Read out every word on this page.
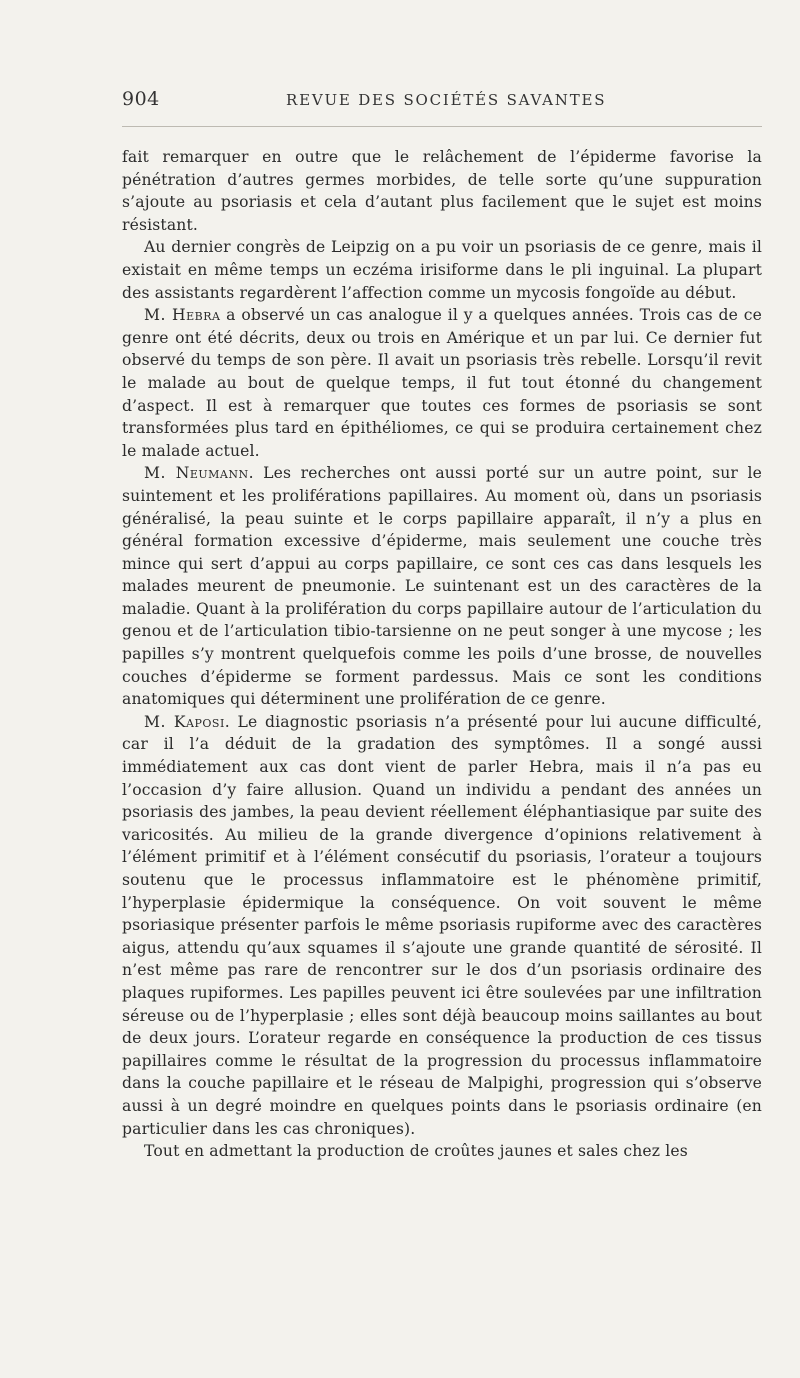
904	REVUE DES SOCIÉTÉS SAVANTES

fait remarquer en outre que le relâchement de l’épiderme favorise la pénétration d’autres germes morbides, de telle sorte qu’une suppuration s’ajoute au psoriasis et cela d’autant plus facilement que le sujet est moins résistant.

Au dernier congrès de Leipzig on a pu voir un psoriasis de ce genre, mais il existait en même temps un eczéma irisiforme dans le pli inguinal. La plupart des assistants regardèrent l’affection comme un mycosis fongoïde au début.

M. Hebra a observé un cas analogue il y a quelques années. Trois cas de ce genre ont été décrits, deux ou trois en Amérique et un par lui. Ce dernier fut observé du temps de son père. Il avait un psoriasis très rebelle. Lorsqu’il revit le malade au bout de quelque temps, il fut tout étonné du changement d’aspect. Il est à remarquer que toutes ces formes de psoriasis se sont transformées plus tard en épithéliomes, ce qui se produira certainement chez le malade actuel.

M. Neumann. Les recherches ont aussi porté sur un autre point, sur le suintement et les proliférations papillaires. Au moment où, dans un psoriasis généralisé, la peau suinte et le corps papillaire apparaît, il n’y a plus en général formation excessive d’épiderme, mais seulement une couche très mince qui sert d’appui au corps papillaire, ce sont ces cas dans lesquels les malades meurent de pneumonie. Le suintenant est un des caractères de la maladie. Quant à la prolifération du corps papillaire autour de l’articulation du genou et de l’articulation tibio-tarsienne on ne peut songer à une mycose ; les papilles s’y montrent quelquefois comme les poils d’une brosse, de nouvelles couches d’épiderme se forment pardessus. Mais ce sont les conditions anatomiques qui déterminent une prolifération de ce genre.

M. Kaposi. Le diagnostic psoriasis n’a présenté pour lui aucune difficulté, car il l’a déduit de la gradation des symptômes. Il a songé aussi immédiatement aux cas dont vient de parler Hebra, mais il n’a pas eu l’occasion d’y faire allusion. Quand un individu a pendant des années un psoriasis des jambes, la peau devient réellement éléphantiasique par suite des varicosités. Au milieu de la grande divergence d’opinions relativement à l’élément primitif et à l’élément consécutif du psoriasis, l’orateur a toujours soutenu que le processus inflammatoire est le phénomène primitif, l’hyperplasie épidermique la conséquence. On voit souvent le même psoriasique présenter parfois le même psoriasis rupiforme avec des caractères aigus, attendu qu’aux squames il s’ajoute une grande quantité de sérosité. Il n’est même pas rare de rencontrer sur le dos d’un psoriasis ordinaire des plaques rupiformes. Les papilles peuvent ici être soulevées par une infiltration séreuse ou de l’hyperplasie ; elles sont déjà beaucoup moins saillantes au bout de deux jours. L’orateur regarde en conséquence la production de ces tissus papillaires comme le résultat de la progression du processus inflammatoire dans la couche papillaire et le réseau de Malpighi, progression qui s’observe aussi à un degré moindre en quelques points dans le psoriasis ordinaire (en particulier dans les cas chroniques).

Tout en admettant la production de croûtes jaunes et sales chez les
